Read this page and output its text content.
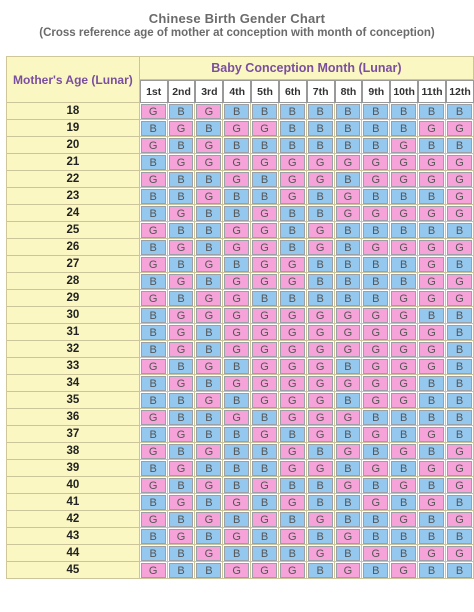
Chinese Birth Gender Chart
(Cross reference age of mother at conception with month of conception)
Mother's Age (Lunar)	Baby Conception Month (Lunar)											
	1st	2nd	3rd	4th	5th	6th	7th	8th	9th	10th	11th	12th
18	G	B	G	B	B	B	B	B	B	B	B	B

19	B	G	B	G	G	B	B	B	B	B	G	G

20	G	B	G	B	B	B	B	B	B	G	B	B

21	B	G	G	G	G	G	G	G	G	G	G	G

22	G	B	B	G	B	G	G	B	G	G	G	G

23	B	B	G	B	B	G	B	G	B	B	B	G

24	B	G	B	B	G	B	B	G	G	G	G	G

25	G	B	B	G	G	B	G	B	B	B	B	B

26	B	G	B	G	G	B	G	B	G	G	G	G

27	G	B	G	B	G	G	B	B	B	B	G	B

28	B	G	B	G	G	G	B	B	B	B	G	G

29	G	B	G	G	B	B	B	B	B	G	G	G

30	B	G	G	G	G	G	G	G	G	G	B	B

31	B	G	B	G	G	G	G	G	G	G	G	B

32	B	G	B	G	G	G	G	G	G	G	G	B

33	G	B	G	B	G	G	G	B	G	G	G	B

34	B	G	B	G	G	G	G	G	G	G	B	B

35	B	B	G	B	G	G	G	B	G	G	B	B

36	G	B	B	G	B	G	G	G	B	B	B	B

37	B	G	B	B	G	B	G	B	G	B	G	B

38	G	B	G	B	B	G	B	G	B	G	B	G

39	B	G	B	B	B	G	G	B	G	B	G	G

40	G	B	G	B	G	B	B	G	B	G	B	G

41	B	G	B	G	B	G	B	B	G	B	G	B

42	G	B	G	B	G	B	G	B	B	G	B	G

43	B	G	B	G	B	G	B	G	B	B	B	B

44	B	B	G	B	B	B	G	B	G	B	G	G

45	G	B	B	G	G	G	B	G	B	G	B	B
